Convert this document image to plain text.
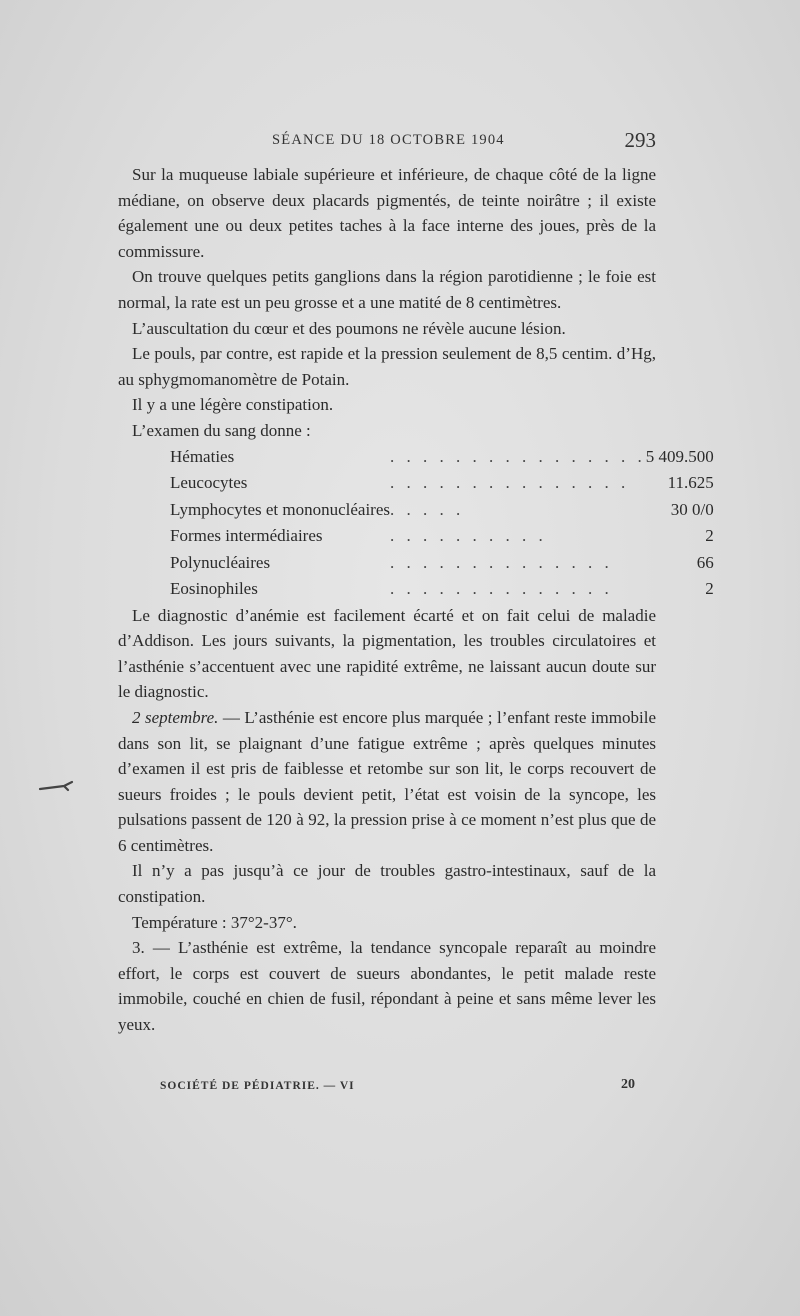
SÉANCE DU 18 OCTOBRE 1904	293

Sur la muqueuse labiale supérieure et inférieure, de chaque côté de la ligne médiane, on observe deux placards pigmentés, de teinte noirâtre ; il existe également une ou deux petites taches à la face interne des joues, près de la commissure.

On trouve quelques petits ganglions dans la région parotidienne ; le foie est normal, la rate est un peu grosse et a une matité de 8 centimètres.

L’auscultation du cœur et des poumons ne révèle aucune lésion.

Le pouls, par contre, est rapide et la pression seulement de 8,5 centim. d’Hg, au sphygmomanomètre de Potain.

Il y a une légère constipation.

L’examen du sang donne :

Hématies	. . . . . . . . . . . . . . . .	5 409.500
Leucocytes	. . . . . . . . . . . . . . .	11.625
Lymphocytes et mononucléaires	. . . . .	30 0/0
Formes intermédiaires	. . . . . . . . . .	2
Polynucléaires	. . . . . . . . . . . . . .	66
Eosinophiles	. . . . . . . . . . . . . .	2

Le diagnostic d’anémie est facilement écarté et on fait celui de maladie d’Addison. Les jours suivants, la pigmentation, les troubles circulatoires et l’asthénie s’accentuent avec une rapidité extrême, ne laissant aucun doute sur le diagnostic.

2 septembre. — L’asthénie est encore plus marquée ; l’enfant reste immobile dans son lit, se plaignant d’une fatigue extrême ; après quelques minutes d’examen il est pris de faiblesse et retombe sur son lit, le corps recouvert de sueurs froides ; le pouls devient petit, l’état est voisin de la syncope, les pulsations passent de 120 à 92, la pression prise à ce moment n’est plus que de 6 centimètres.

Il n’y a pas jusqu’à ce jour de troubles gastro-intestinaux, sauf de la constipation.

Température : 37°2-37°.

3. — L’asthénie est extrême, la tendance syncopale reparaît au moindre effort, le corps est couvert de sueurs abondantes, le petit malade reste immobile, couché en chien de fusil, répondant à peine et sans même lever les yeux.

SOCIÉTÉ DE PÉDIATRIE. — VI	20
